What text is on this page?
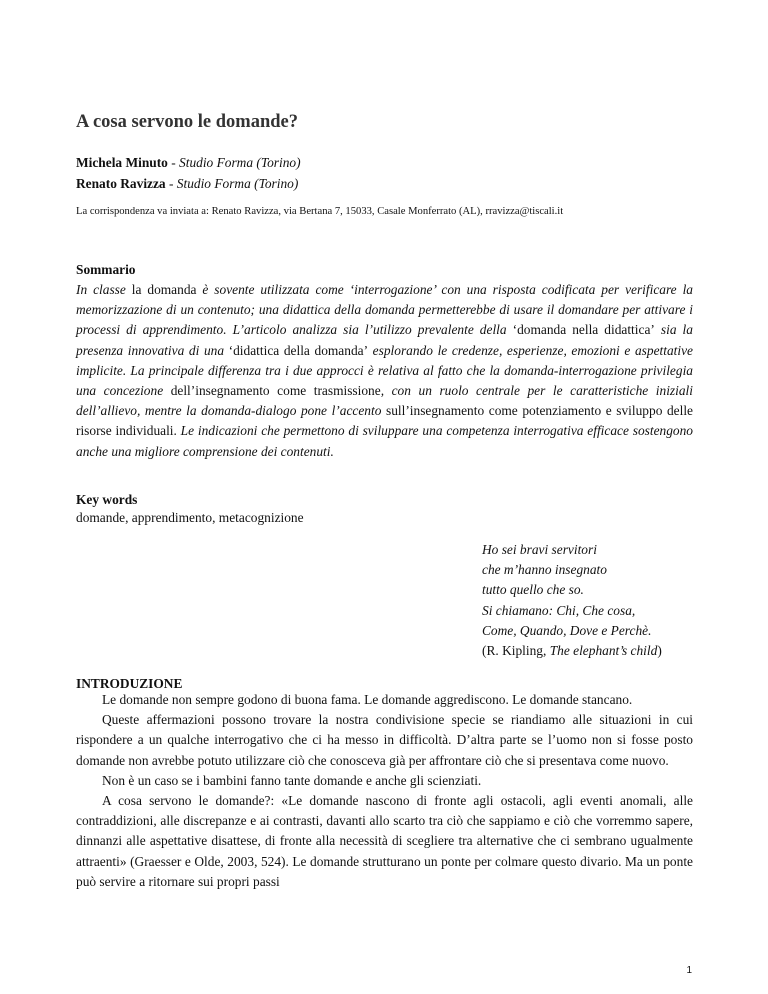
A cosa servono le domande?
Michela Minuto - Studio Forma (Torino)
Renato Ravizza - Studio Forma (Torino)
La corrispondenza va inviata a: Renato Ravizza, via Bertana 7, 15033, Casale Monferrato (AL), rravizza@tiscali.it
Sommario
In classe la domanda è sovente utilizzata come ‘interrogazione’ con una risposta codificata per verificare la memorizzazione di un contenuto; una didattica della domanda permetterebbe di usare il domandare per attivare i processi di apprendimento. L’articolo analizza sia l’utilizzo prevalente della ‘domanda nella didattica’ sia la presenza innovativa di una ‘didattica della domanda’ esplorando le credenze, esperienze, emozioni e aspettative implicite. La principale differenza tra i due approcci è relativa al fatto che la domanda-interrogazione privilegia una concezione dell’insegnamento come trasmissione, con un ruolo centrale per le caratteristiche iniziali dell’allievo, mentre la domanda-dialogo pone l’accento sull’insegnamento come potenziamento e sviluppo delle risorse individuali. Le indicazioni che permettono di sviluppare una competenza interrogativa efficace sostengono anche una migliore comprensione dei contenuti.
Key words
domande, apprendimento, metacognizione
Ho sei bravi servitori
che m’hanno insegnato
tutto quello che so.
Si chiamano: Chi, Che cosa,
Come, Quando, Dove e Perchè.
(R. Kipling, The elephant’s child)
INTRODUZIONE

Le domande non sempre godono di buona fama. Le domande aggrediscono. Le domande stancano.

Queste affermazioni possono trovare la nostra condivisione specie se riandiamo alle situazioni in cui rispondere a un qualche interrogativo che ci ha messo in difficoltà. D’altra parte se l’uomo non si fosse posto domande non avrebbe potuto utilizzare ciò che conosceva già per affrontare ciò che si presentava come nuovo.

Non è un caso se i bambini fanno tante domande e anche gli scienziati.

A cosa servono le domande?: «Le domande nascono di fronte agli ostacoli, agli eventi anomali, alle contraddizioni, alle discrepanze e ai contrasti, davanti allo scarto tra ciò che sappiamo e ciò che vorremmo sapere, dinnanzi alle aspettative disattese, di fronte alla necessità di scegliere tra alternative che ci sembrano ugualmente attraenti» (Graesser e Olde, 2003, 524). Le domande strutturano un ponte per colmare questo divario. Ma un ponte può servire a ritornare sui propri passi

1
